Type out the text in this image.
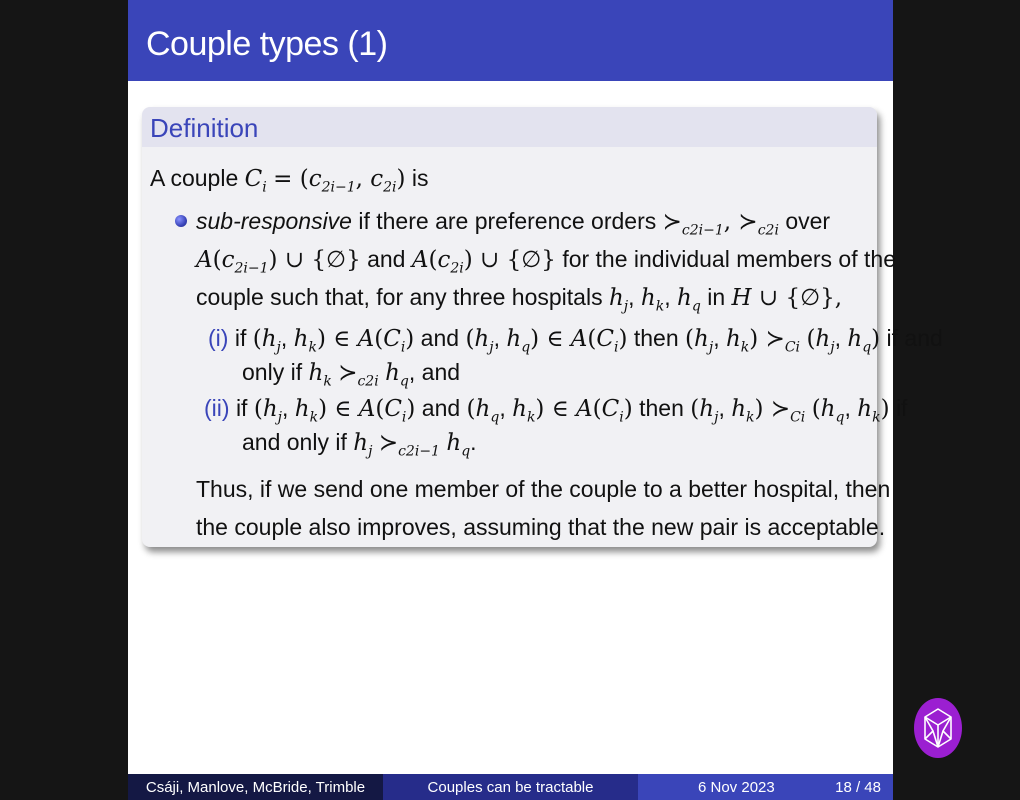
Couple types (1)
Definition
A couple $C_i = (c_{2i-1}$, $c_{2i}$) is
sub-responsive if there are preference orders $≻_{c2i-1}$, $≻_{c2i}$ over
$A(c_{2i-1})$ ∪ {∅} and $A(c_{2i})$ ∪ {∅} for the individual members of the
couple such that, for any three hospitals $h_j$, $h_k$, $h_q$ in H ∪ {∅},
(i) if ($h_j$, $h_k$) ∈ $A(C_i)$ and ($h_j$, $h_q$) ∈ $A(C_i)$ then ($h_j$, $h_k$) $≻_{Ci}$ ($h_j$, $h_q$) if and
only if $h_k$ $≻_{c2i}$ $h_q$, and
(ii) if ($h_j$, $h_k$) ∈ $A(C_i)$ and ($h_q$, $h_k$) ∈ $A(C_i)$ then ($h_j$, $h_k$) $≻_{Ci}$ ($h_q$, $h_k$) if
and only if $h_j$ $≻_{c2i-1}$ $h_q$.
Thus, if we send one member of the couple to a better hospital, then
the couple also improves, assuming that the new pair is acceptable.
Csáji, Manlove, McBride, Trimble	Couples can be tractable	6 Nov 2023	18 / 48
